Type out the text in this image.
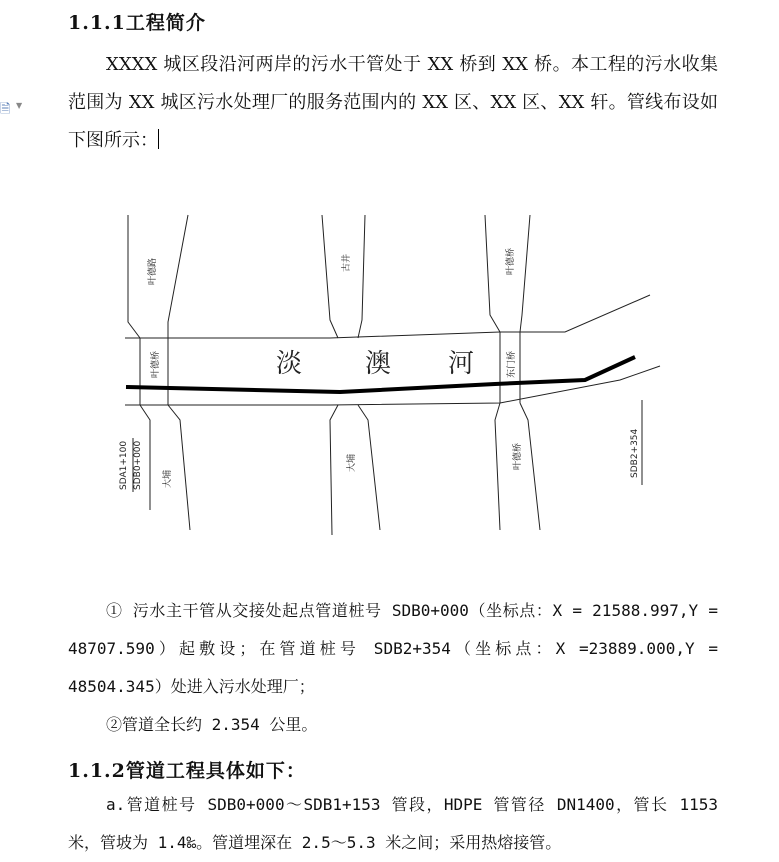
🗎 ▼
1.1.1工程简介
XXXX 城区段沿河两岸的污水干管处于 XX 桥到 XX 桥。本工程的污水收集范围为 XX 城区污水处理厂的服务范围内的 XX 区、XX 区、XX 轩。管线布设如下图所示：
淡 澳 河
叶德路	古井	叶德桥
叶德桥	东门桥
大埔
大埔	叶德桥
SDA1+100 SDB0+000	SDB2+354
① 污水主干管从交接处起点管道桩号 SDB0+000（坐标点：X = 21588.997,Y = 48707.590）起敷设；在管道桩号 SDB2+354（坐标点：X =23889.000,Y = 48504.345）处进入污水处理厂；
②管道全长约 2.354 公里。
1.1.2管道工程具体如下：
a.管道桩号 SDB0+000～SDB1+153 管段，HDPE 管管径 DN1400，管长 1153 米，管坡为 1.4‰。管道埋深在 2.5～5.3 米之间；采用热熔接管。
